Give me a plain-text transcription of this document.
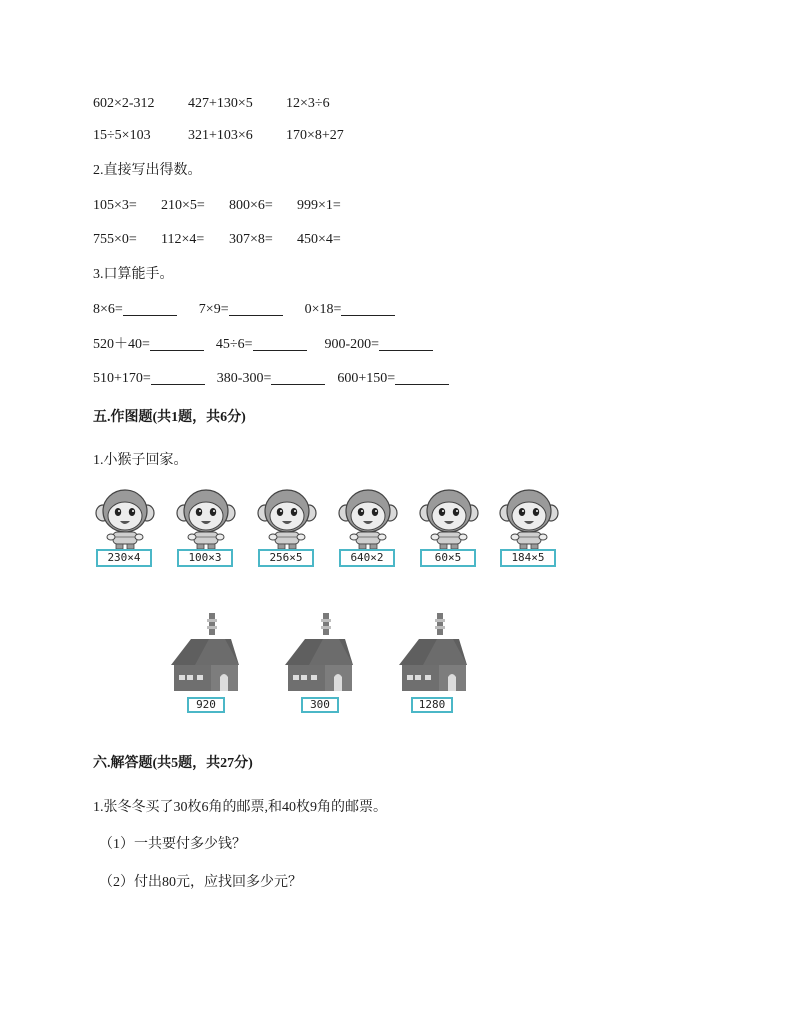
602×2-312	427+130×5	12×3÷6
15÷5×103	321+103×6	170×8+27
2.直接写出得数。
105×3=	210×5=	800×6=	999×1=
755×0=	112×4=	307×8=	450×4=
3.口算能手。
8×6=	7×9=	0×18=
520＋40=	45÷6=	900-200=
510+170=	380-300=	600+150=
五.作图题(共1题，共6分)
1.小猴子回家。
230×4	100×3	256×5	640×2	60×5	184×5
920	300	1280
六.解答题(共5题，共27分)
1.张冬冬买了30枚6角的邮票,和40枚9角的邮票。
（1）一共要付多少钱？
（2）付出80元，应找回多少元？
